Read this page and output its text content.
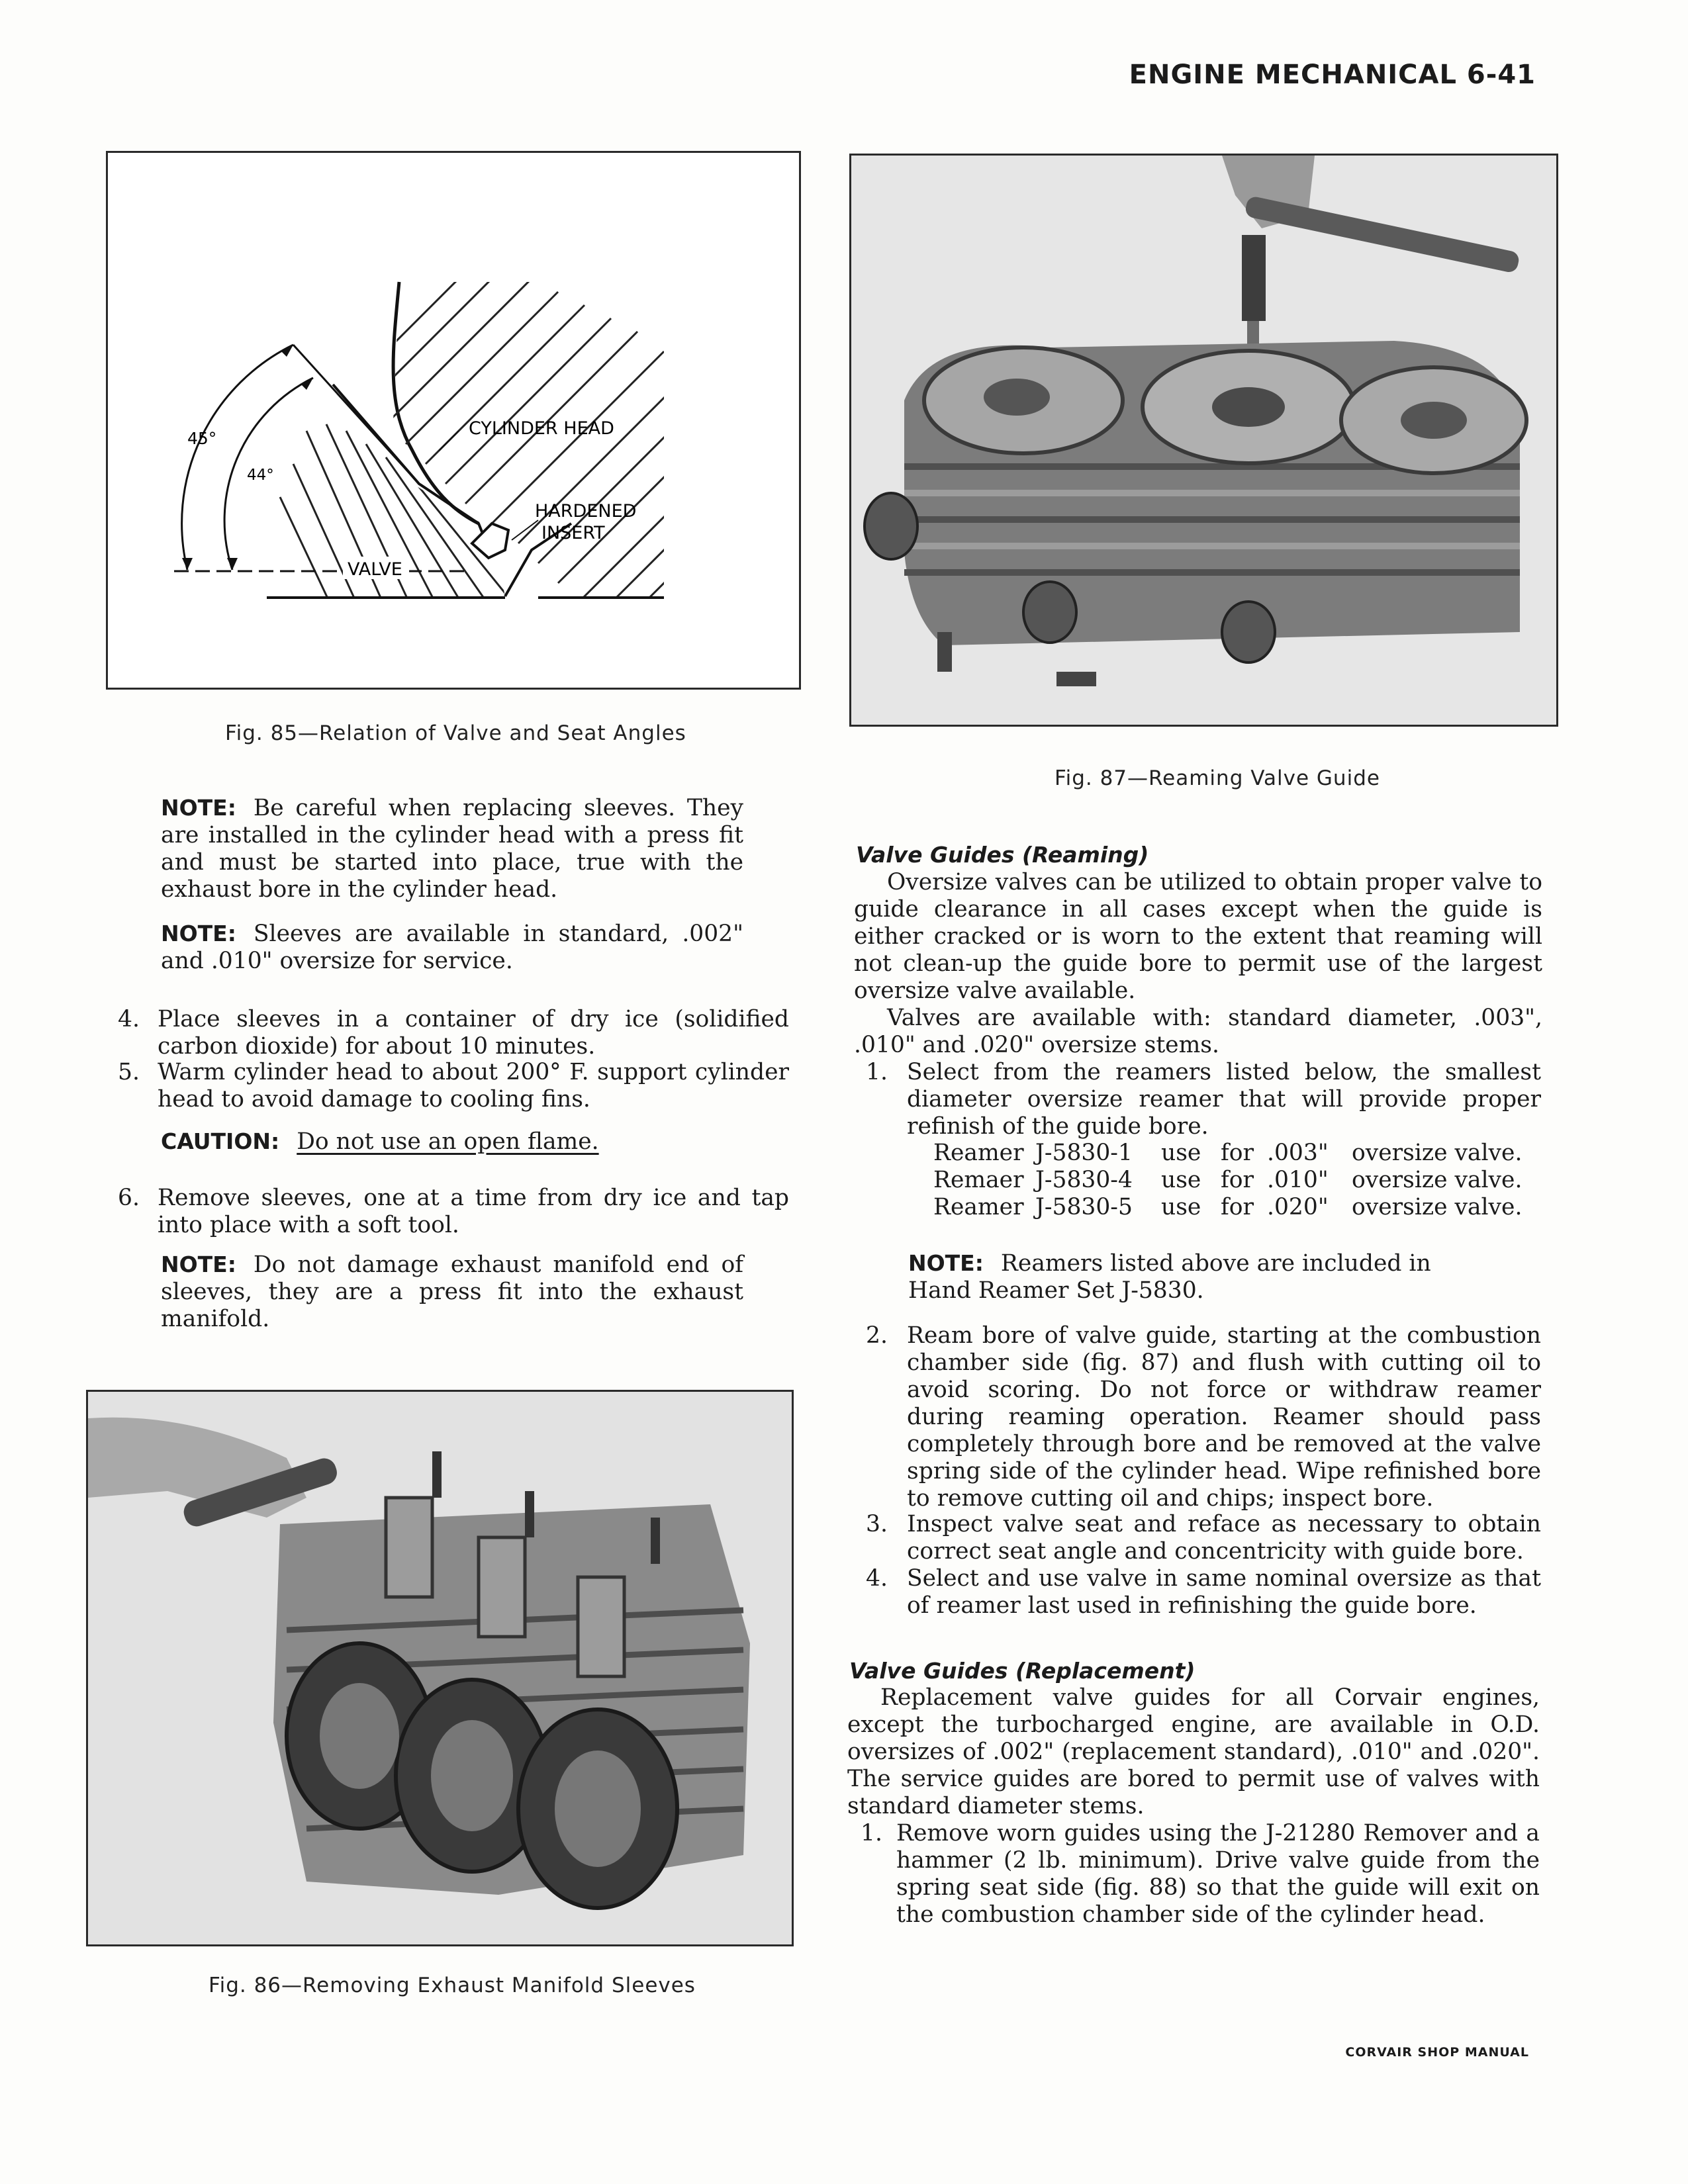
ENGINE MECHANICAL 6-41
45°
44°
CYLINDER HEAD
HARDENED
INSERT
VALVE
Fig. 85—Relation of Valve and Seat Angles
Fig. 87—Reaming Valve Guide
NOTE: Be careful when replacing sleeves. They are installed in the cylinder head with a press fit and must be started into place, true with the exhaust bore in the cylinder head.
NOTE: Sleeves are available in standard, .002" and .010" oversize for service.
4. Place sleeves in a container of dry ice (solidified carbon dioxide) for about 10 minutes.
5. Warm cylinder head to about 200° F. support cylinder head to avoid damage to cooling fins.
CAUTION: Do not use an open flame.
6. Remove sleeves, one at a time from dry ice and tap into place with a soft tool.
NOTE: Do not damage exhaust manifold end of sleeves, they are a press fit into the exhaust manifold.
Fig. 86—Removing Exhaust Manifold Sleeves
Valve Guides (Reaming)
Oversize valves can be utilized to obtain proper valve to guide clearance in all cases except when the guide is either cracked or is worn to the extent that reaming will not clean-up the guide bore to permit use of the largest oversize valve available.
Valves are available with: standard diameter, .003", .010" and .020" oversize stems.
1. Select from the reamers listed below, the smallest diameter oversize reamer that will provide proper refinish of the guide bore.
Reamer J-5830-1	use for .003"	oversize valve.
Remaer J-5830-4	use for .010"	oversize valve.
Reamer J-5830-5	use for .020"	oversize valve.
NOTE: Reamers listed above are included in Hand Reamer Set J-5830.
2. Ream bore of valve guide, starting at the combustion chamber side (fig. 87) and flush with cutting oil to avoid scoring. Do not force or withdraw reamer during reaming operation. Reamer should pass completely through bore and be removed at the valve spring side of the cylinder head. Wipe refinished bore to remove cutting oil and chips; inspect bore.
3. Inspect valve seat and reface as necessary to obtain correct seat angle and concentricity with guide bore.
4. Select and use valve in same nominal oversize as that of reamer last used in refinishing the guide bore.
Valve Guides (Replacement)
Replacement valve guides for all Corvair engines, except the turbocharged engine, are available in O.D. oversizes of .002" (replacement standard), .010" and .020". The service guides are bored to permit use of valves with standard diameter stems.
1. Remove worn guides using the J-21280 Remover and a hammer (2 lb. minimum). Drive valve guide from the spring seat side (fig. 88) so that the guide will exit on the combustion chamber side of the cylinder head.
CORVAIR SHOP MANUAL
